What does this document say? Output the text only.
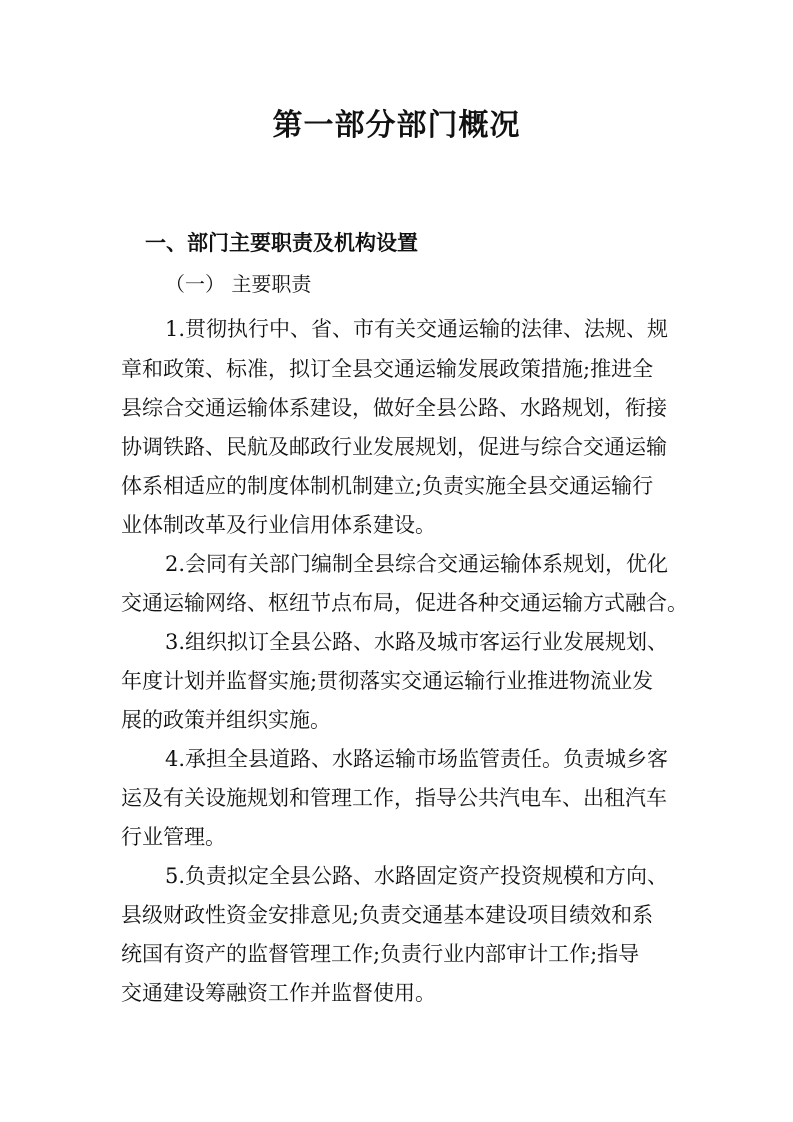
第一部分部门概况
一、部门主要职责及机构设置
（一） 主要职责
1.贯彻执行中、省、市有关交通运输的法律、法规、规
章和政策、标准，拟订全县交通运输发展政策措施;推进全
县综合交通运输体系建设，做好全县公路、水路规划，衔接
协调铁路、民航及邮政行业发展规划，促进与综合交通运输
体系相适应的制度体制机制建立;负责实施全县交通运输行
业体制改革及行业信用体系建设。
2.会同有关部门编制全县综合交通运输体系规划，优化
交通运输网络、枢纽节点布局，促进各种交通运输方式融合。
3.组织拟订全县公路、水路及城市客运行业发展规划、
年度计划并监督实施;贯彻落实交通运输行业推进物流业发
展的政策并组织实施。
4.承担全县道路、水路运输市场监管责任。负责城乡客
运及有关设施规划和管理工作，指导公共汽电车、出租汽车
行业管理。
5.负责拟定全县公路、水路固定资产投资规模和方向、
县级财政性资金安排意见;负责交通基本建设项目绩效和系
统国有资产的监督管理工作;负责行业内部审计工作;指导
交通建设筹融资工作并监督使用。
